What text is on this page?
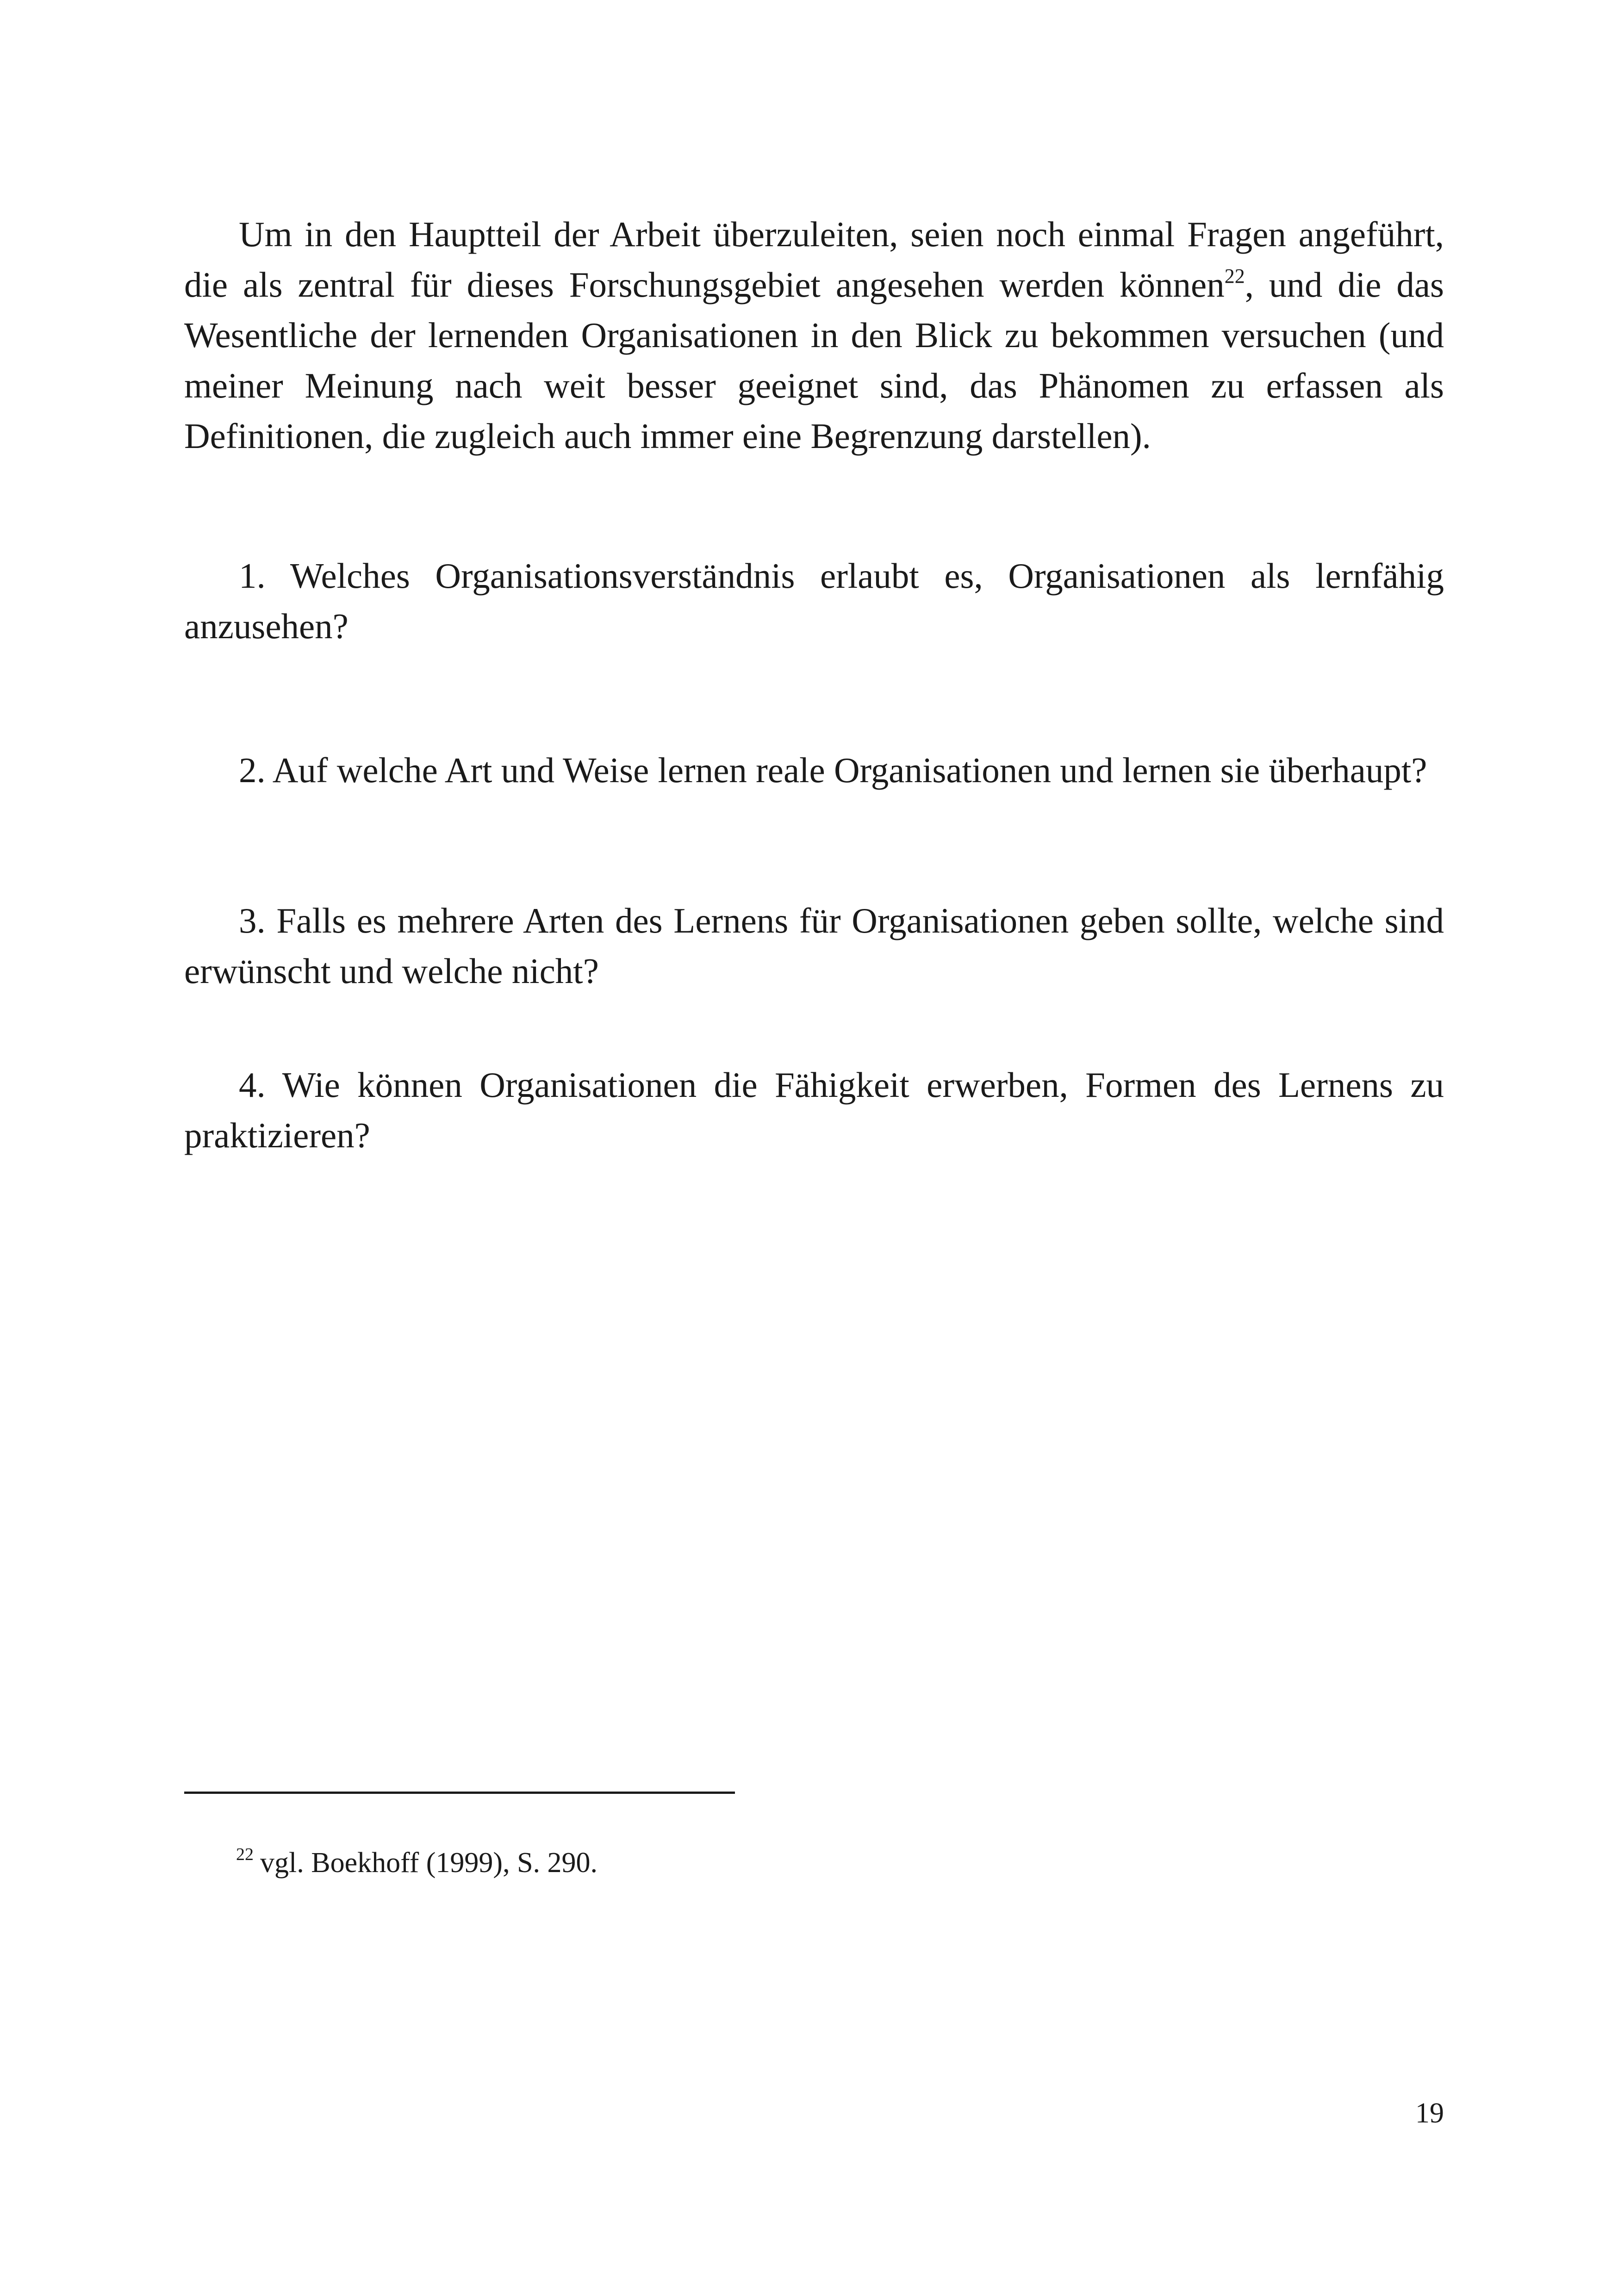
Um in den Hauptteil der Arbeit überzuleiten, seien noch einmal Fragen angeführt, die als zentral für dieses Forschungsgebiet angesehen werden können$^{22}$, und die das Wesentliche der lernenden Organisationen in den Blick zu bekommen versuchen (und meiner Meinung nach weit besser geeignet sind, das Phänomen zu erfassen als Definitionen, die zugleich auch immer eine Begrenzung darstellen).

1. Welches Organisationsverständnis erlaubt es, Organisationen als lernfähig anzusehen?

2. Auf welche Art und Weise lernen reale Organisationen und lernen sie überhaupt?

3. Falls es mehrere Arten des Lernens für Organisationen geben sollte, welche sind erwünscht und welche nicht?

4. Wie können Organisationen die Fähigkeit erwerben, Formen des Lernens zu praktizieren?

$^{22}$ vgl. Boekhoff (1999), S. 290.

19
